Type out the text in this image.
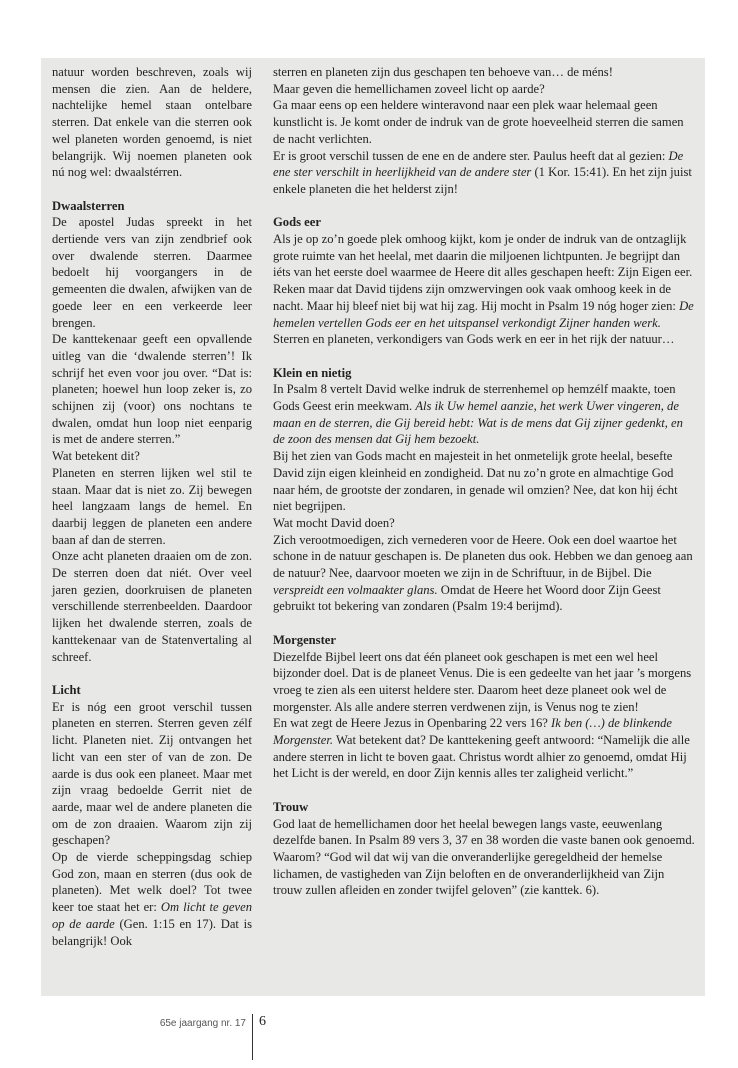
natuur worden beschreven, zoals wij mensen die zien. Aan de heldere, nachtelijke hemel staan ontelbare sterren. Dat enkele van die sterren ook wel planeten worden genoemd, is niet belangrijk. Wij noemen planeten ook nú nog wel: dwaalstérren.

Dwaalsterren

De apostel Judas spreekt in het dertiende vers van zijn zendbrief ook over dwalende sterren. Daarmee bedoelt hij voorgangers in de gemeenten die dwalen, afwijken van de goede leer en een verkeerde leer brengen.

De kanttekenaar geeft een opvallende uitleg van die ‘dwalende sterren’! Ik schrijf het even voor jou over. “Dat is: planeten; hoewel hun loop zeker is, zo schijnen zij (voor) ons nochtans te dwalen, omdat hun loop niet eenparig is met de andere sterren.”

Wat betekent dit?

Planeten en sterren lijken wel stil te staan. Maar dat is niet zo. Zij bewegen heel langzaam langs de hemel. En daarbij leggen de planeten een andere baan af dan de sterren.

Onze acht planeten draaien om de zon. De sterren doen dat niét. Over veel jaren gezien, doorkruisen de planeten verschillende sterrenbeelden. Daardoor lijken het dwalende sterren, zoals de kanttekenaar van de Statenvertaling al schreef.

Licht

Er is nóg een groot verschil tussen planeten en sterren. Sterren geven zélf licht. Planeten niet. Zij ontvangen het licht van een ster of van de zon. De aarde is dus ook een planeet. Maar met zijn vraag bedoelde Gerrit niet de aarde, maar wel de andere planeten die om de zon draaien. Waarom zijn zij geschapen?

Op de vierde scheppingsdag schiep God zon, maan en sterren (dus ook de planeten). Met welk doel? Tot twee keer toe staat het er: Om licht te geven op de aarde (Gen. 1:15 en 17). Dat is belangrijk! Ook

sterren en planeten zijn dus geschapen ten behoeve van… de méns!

Maar geven die hemellichamen zoveel licht op aarde?

Ga maar eens op een heldere winteravond naar een plek waar helemaal geen kunstlicht is. Je komt onder de indruk van de grote hoeveelheid sterren die samen de nacht verlichten.

Er is groot verschil tussen de ene en de andere ster. Paulus heeft dat al gezien: De ene ster verschilt in heerlijkheid van de andere ster (1 Kor. 15:41). En het zijn juist enkele planeten die het helderst zijn!

Gods eer

Als je op zo’n goede plek omhoog kijkt, kom je onder de indruk van de ontzaglijk grote ruimte van het heelal, met daarin die miljoenen lichtpunten. Je begrijpt dan iéts van het eerste doel waarmee de Heere dit alles geschapen heeft: Zijn Eigen eer.

Reken maar dat David tijdens zijn omzwervingen ook vaak omhoog keek in de nacht. Maar hij bleef niet bij wat hij zag. Hij mocht in Psalm 19 nóg hoger zien: De hemelen vertellen Gods eer en het uitspansel verkondigt Zijner handen werk.

Sterren en planeten, verkondigers van Gods werk en eer in het rijk der natuur…

Klein en nietig

In Psalm 8 vertelt David welke indruk de sterrenhemel op hemzélf maakte, toen Gods Geest erin meekwam. Als ik Uw hemel aanzie, het werk Uwer vingeren, de maan en de sterren, die Gij bereid hebt: Wat is de mens dat Gij zijner gedenkt, en de zoon des mensen dat Gij hem bezoekt.

Bij het zien van Gods macht en majesteit in het onmetelijk grote heelal, besefte David zijn eigen kleinheid en zondigheid. Dat nu zo’n grote en almachtige God naar hém, de grootste der zondaren, in genade wil omzien? Nee, dat kon hij écht niet begrijpen.

Wat mocht David doen?

Zich verootmoedigen, zich vernederen voor de Heere. Ook een doel waartoe het schone in de natuur geschapen is. De planeten dus ook. Hebben we dan genoeg aan de natuur? Nee, daarvoor moeten we zijn in de Schriftuur, in de Bijbel. Die verspreidt een volmaakter glans. Omdat de Heere het Woord door Zijn Geest gebruikt tot bekering van zondaren (Psalm 19:4 berijmd).

Morgenster

Diezelfde Bijbel leert ons dat één planeet ook geschapen is met een wel heel bijzonder doel. Dat is de planeet Venus. Die is een gedeelte van het jaar ’s morgens vroeg te zien als een uiterst heldere ster. Daarom heet deze planeet ook wel de morgenster. Als alle andere sterren verdwenen zijn, is Venus nog te zien!

En wat zegt de Heere Jezus in Openbaring 22 vers 16? Ik ben (…) de blinkende Morgenster. Wat betekent dat? De kanttekening geeft antwoord: “Namelijk die alle andere sterren in licht te boven gaat. Christus wordt alhier zo genoemd, omdat Hij het Licht is der wereld, en door Zijn kennis alles ter zaligheid verlicht.”

Trouw

God laat de hemellichamen door het heelal bewegen langs vaste, eeuwenlang dezelfde banen. In Psalm 89 vers 3, 37 en 38 worden die vaste banen ook genoemd. Waarom? “God wil dat wij van die onveranderlijke geregeldheid der hemelse lichamen, de vastigheden van Zijn beloften en de onveranderlijkheid van Zijn trouw zullen afleiden en zonder twijfel geloven” (zie kanttek. 6).

65e jaargang nr. 17 6
